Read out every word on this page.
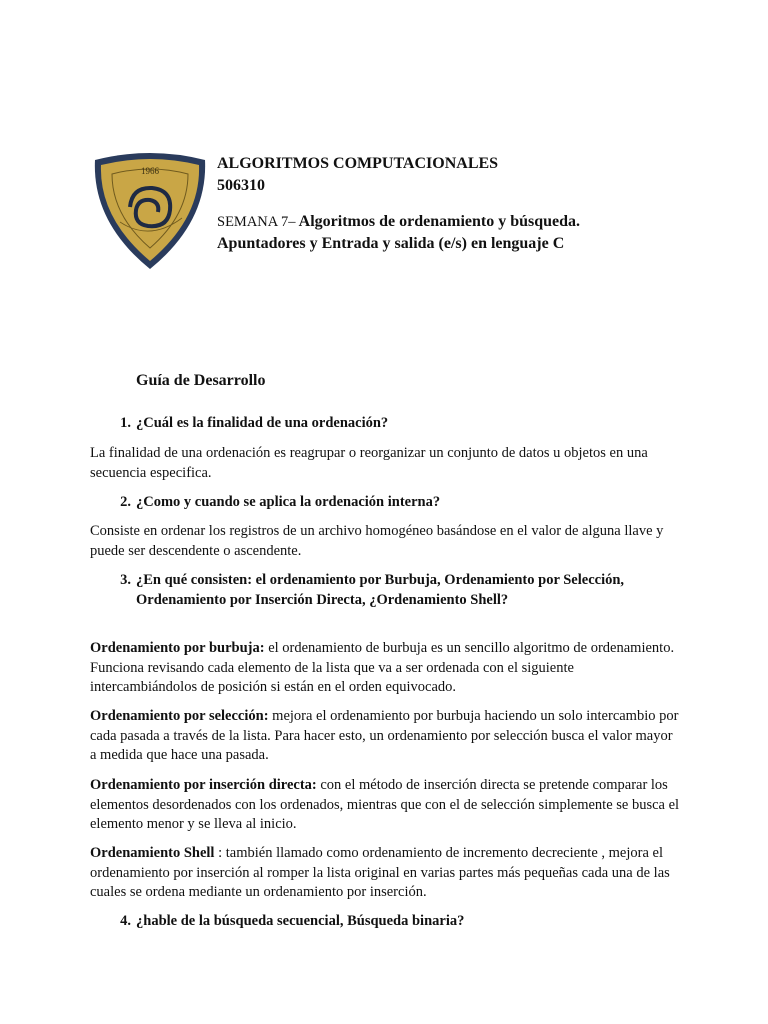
1966	ALGORITMOS COMPUTACIONALES
506310
SEMANA 7– Algoritmos de ordenamiento y búsqueda.
Apuntadores y Entrada y salida (e/s) en lenguaje C
Guía de Desarrollo
1. ¿Cuál es la finalidad de una ordenación?
La finalidad de una ordenación es reagrupar o reorganizar un conjunto de datos u objetos en una secuencia especifica.
2. ¿Como y cuando se aplica la ordenación interna?
Consiste en ordenar los registros de un archivo homogéneo basándose en el valor de alguna llave y puede ser descendente o ascendente.
3. ¿En qué consisten: el ordenamiento por Burbuja, Ordenamiento por Selección,
Ordenamiento por Inserción Directa, ¿Ordenamiento Shell?
Ordenamiento por burbuja: el ordenamiento de burbuja es un sencillo algoritmo de ordenamiento. Funciona revisando cada elemento de la lista que va a ser ordenada con el siguiente intercambiándolos de posición si están en el orden equivocado.
Ordenamiento por selección: mejora el ordenamiento por burbuja haciendo un solo intercambio por cada pasada a través de la lista. Para hacer esto, un ordenamiento por selección busca el valor mayor a medida que hace una pasada.
Ordenamiento por inserción directa: con el método de inserción directa se pretende comparar los elementos desordenados con los ordenados, mientras que con el de selección simplemente se busca el elemento menor y se lleva al inicio.
Ordenamiento Shell : también llamado como ordenamiento de incremento decreciente , mejora el ordenamiento por inserción al romper la lista original en varias partes más pequeñas cada una de las cuales se ordena mediante un ordenamiento por inserción.
4. ¿hable de la búsqueda secuencial, Búsqueda binaria?
